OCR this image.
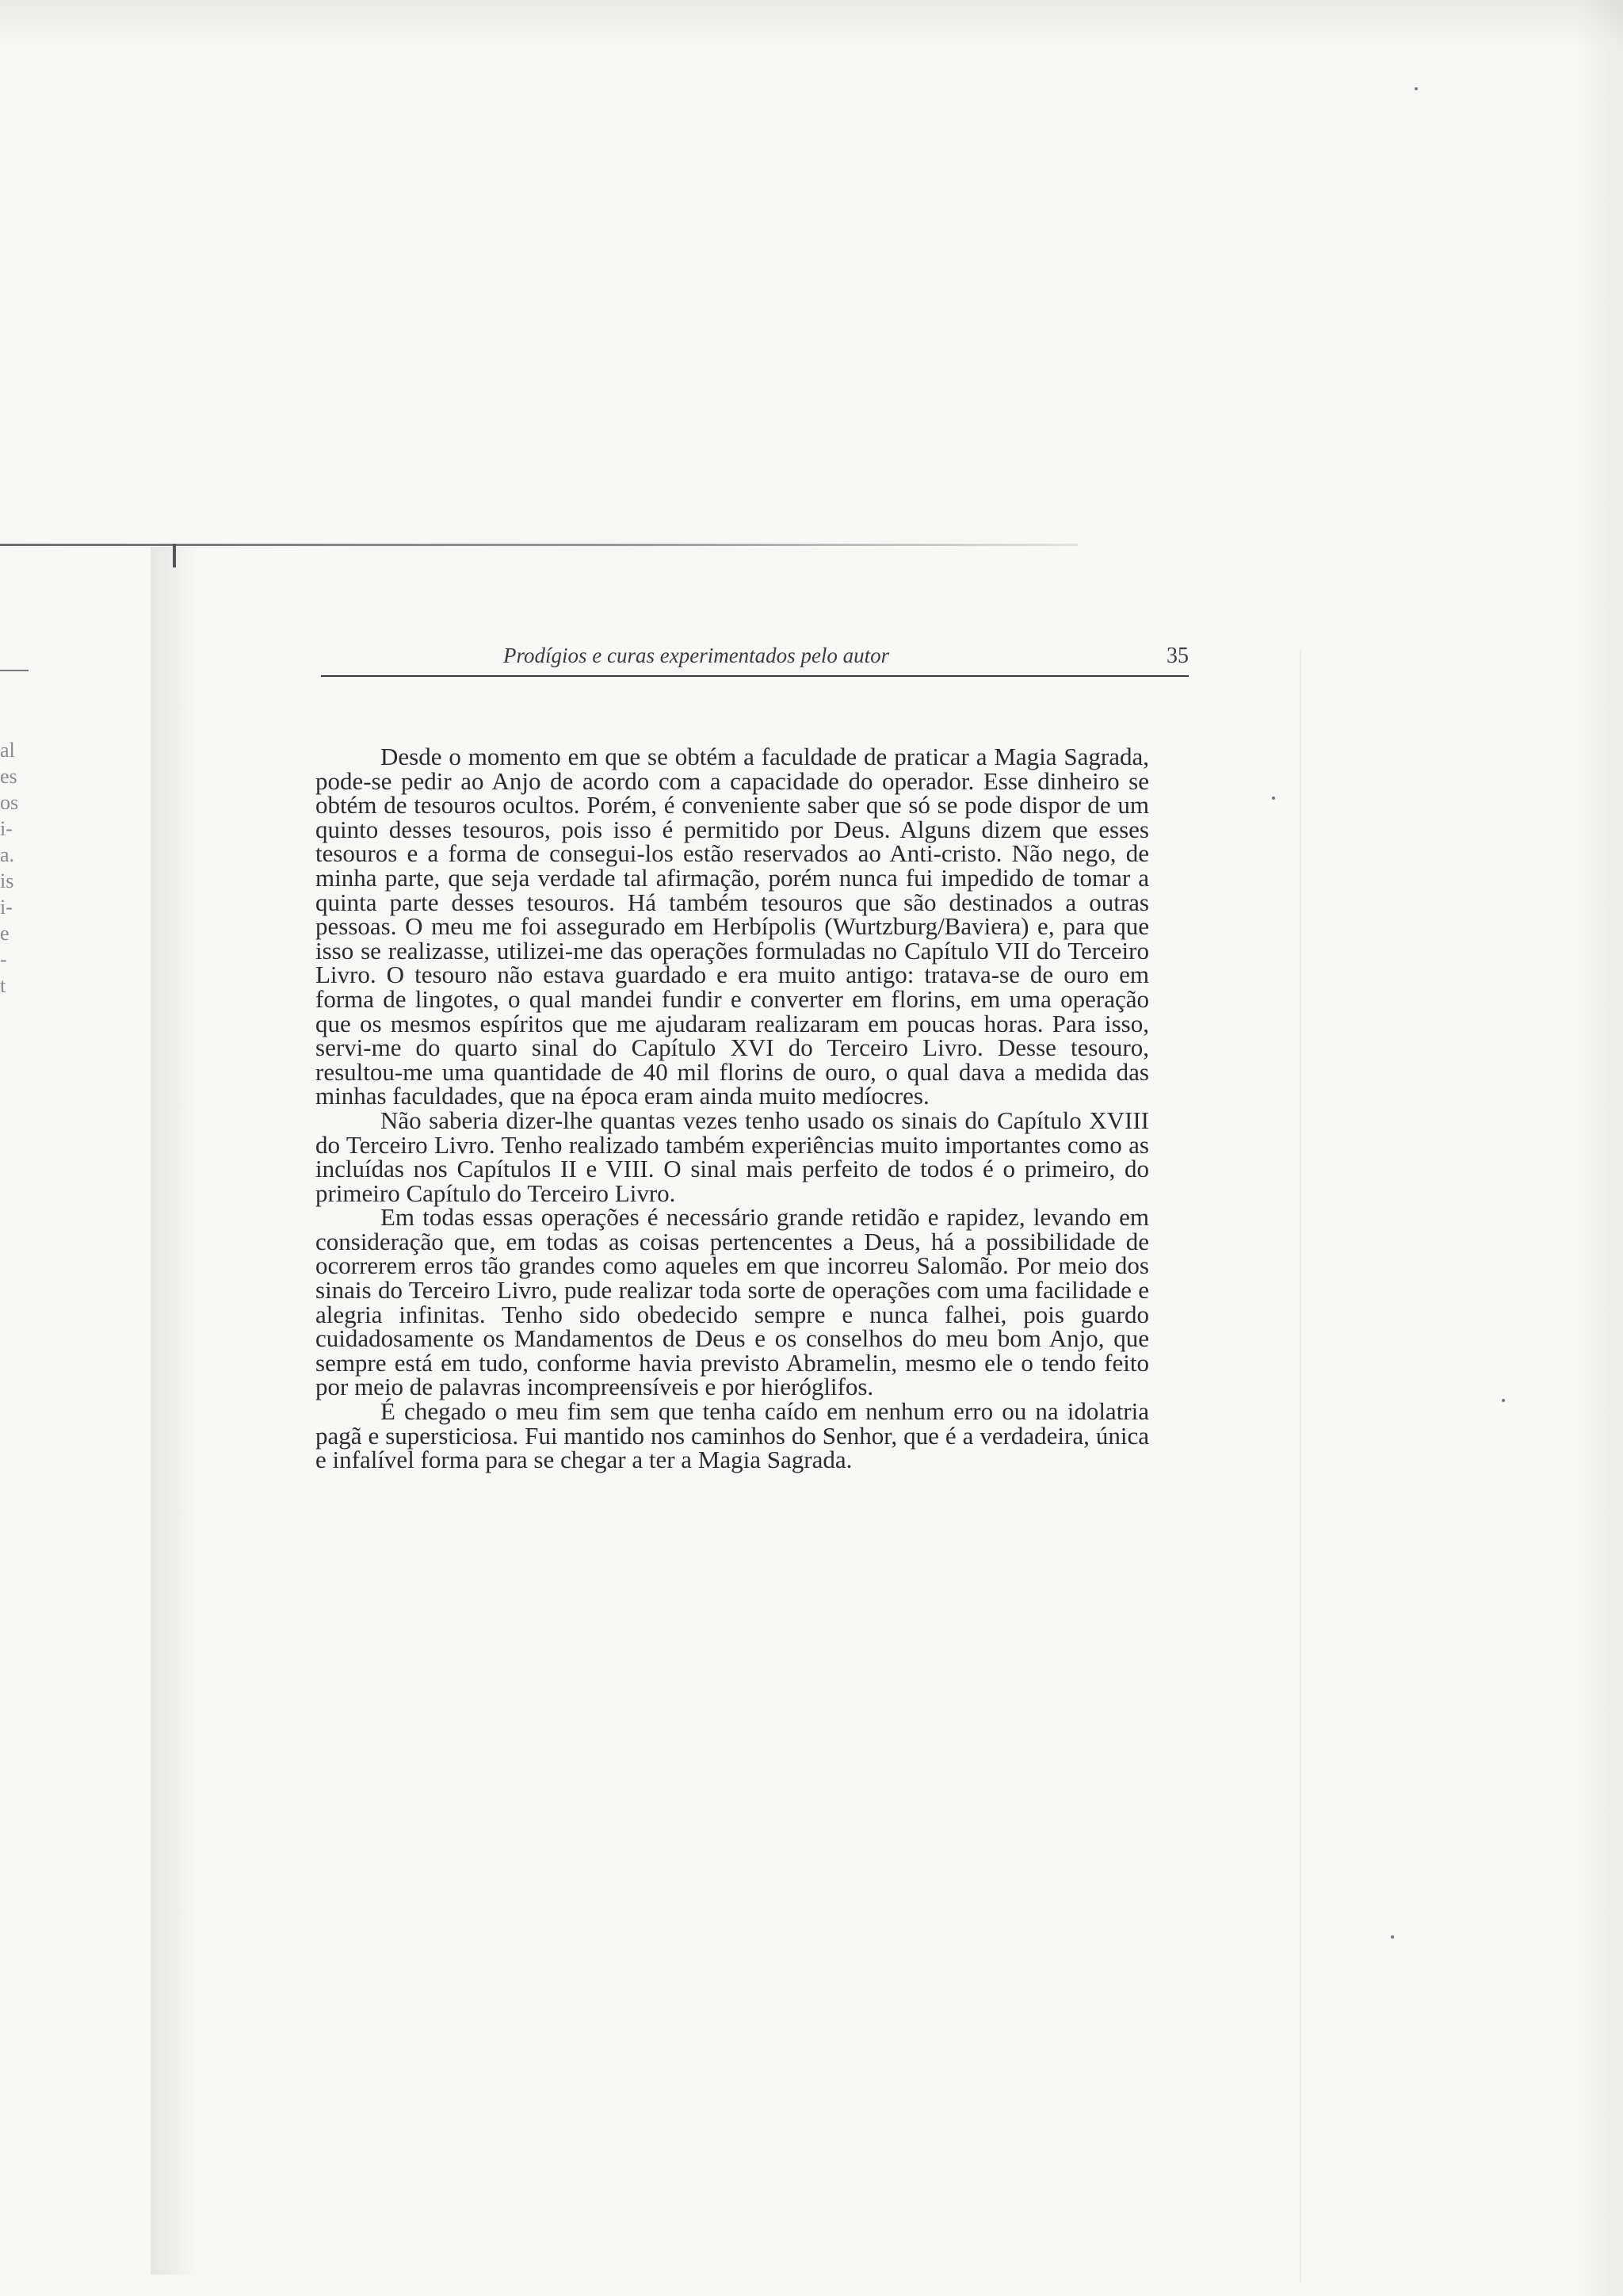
al
es
os
i-
a.
is
i-
e
-
t
Prodígios e curas experimentados pelo autor	35

Desde o momento em que se obtém a faculdade de praticar a Magia Sagrada, pode-se pedir ao Anjo de acordo com a capacidade do operador. Esse dinheiro se obtém de tesouros ocultos. Porém, é conveniente saber que só se pode dispor de um quinto desses tesouros, pois isso é permitido por Deus. Alguns dizem que esses tesouros e a forma de consegui-los estão reservados ao Anti-cristo. Não nego, de minha parte, que seja verdade tal afirmação, porém nunca fui impedido de tomar a quinta parte desses tesouros. Há também tesouros que são destinados a outras pessoas. O meu me foi assegurado em Herbípolis (Wurtzburg/Baviera) e, para que isso se realizasse, utilizei-me das operações formuladas no Capítulo VII do Terceiro Livro. O tesouro não estava guardado e era muito antigo: tratava-se de ouro em forma de lingotes, o qual mandei fundir e converter em florins, em uma operação que os mesmos espíritos que me ajudaram realizaram em poucas horas. Para isso, servi-me do quarto sinal do Capítulo XVI do Terceiro Livro. Desse tesouro, resultou-me uma quantidade de 40 mil florins de ouro, o qual dava a medida das minhas faculdades, que na época eram ainda muito medíocres.

Não saberia dizer-lhe quantas vezes tenho usado os sinais do Capítulo XVIII do Terceiro Livro. Tenho realizado também experiências muito importantes como as incluídas nos Capítulos II e VIII. O sinal mais perfeito de todos é o primeiro, do primeiro Capítulo do Terceiro Livro.

Em todas essas operações é necessário grande retidão e rapidez, levando em consideração que, em todas as coisas pertencentes a Deus, há a possibilidade de ocorrerem erros tão grandes como aqueles em que incorreu Salomão. Por meio dos sinais do Terceiro Livro, pude realizar toda sorte de operações com uma facilidade e alegria infinitas. Tenho sido obedecido sempre e nunca falhei, pois guardo cuidadosamente os Mandamentos de Deus e os conselhos do meu bom Anjo, que sempre está em tudo, conforme havia previsto Abramelin, mesmo ele o tendo feito por meio de palavras incompreensíveis e por hieróglifos.

É chegado o meu fim sem que tenha caído em nenhum erro ou na idolatria pagã e supersticiosa. Fui mantido nos caminhos do Senhor, que é a verdadeira, única e infalível forma para se chegar a ter a Magia Sagrada.
